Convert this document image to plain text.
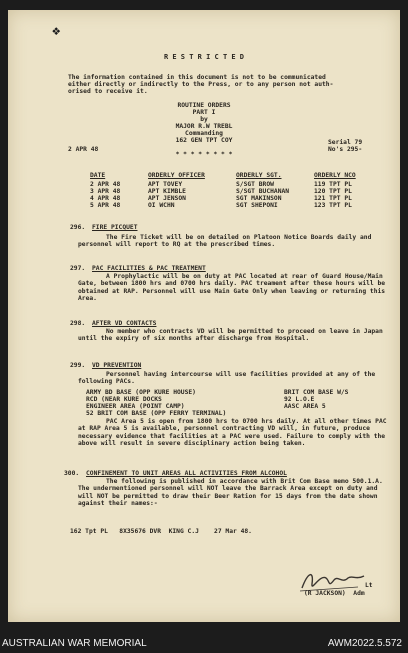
❖
R E S T R I C T E D
The information contained in this document is not to be communicated
either directly or indirectly to the Press, or to any person not auth-
orised to receive it.
ROUTINE ORDERS
PART I
by
MAJOR R.W TREBL
Commanding
162 GEN TPT COY
2 APR 48
Serial 79
No's 295-
* * * * * * * *
DATE	ORDERLY OFFICER	ORDERLY SGT.	ORDERLY NCO
2 APR 48	APT TOVEY	S/SGT BROW	119 TPT PL
3 APR 48	APT KIMBLE	S/SGT BUCHANAN	120 TPT PL
4 APR 48	APT JENSON	SGT MAKINSON	121 TPT PL
5 APR 48	OI WCHN	SGT SHEPONI	123 TPT PL
296. FIRE PICQUET
The Fire Ticket will be on detailed on Platoon Notice Boards daily and personnel will report to RQ at the prescribed times.
297. PAC FACILITIES & PAC TREATMENT
A Prophylactic will be on duty at PAC located at rear of Guard House/Main Gate, between 1800 hrs and 0700 hrs daily. PAC treament after these hours will be obtained at RAP. Personnel will use Main Gate Only when leaving or returning this Area.
298. AFTER VD CONTACTS
No member who contracts VD will be permitted to proceed on leave in Japan until the expiry of six months after discharge from Hospital.
299. VD PREVENTION
Personnel having intercourse will use facilities provided at any of the following PACs.
ARMY BD BASE (OPP KURE HOUSE)
RCD (NEAR KURE DOCKS
ENGINEER AREA (POINT CAMP)
52 BRIT COM BASE (OPP FERRY TERMINAL)
BRIT COM BASE W/S
92 L.O.E
AASC AREA 5
PAC Area 5 is open from 1800 hrs to 0700 hrs daily. At all other times PAC at RAP Area 5 is available, personnel contracting VD will, in future, produce necessary evidence that facilities at a PAC were used. Failure to comply with the above will result in severe disciplinary action being taken.
300. CONFINEMENT TO UNIT AREAS ALL ACTIVITIES FROM ALCOHOL
The following is published in accordance with Brit Com Base memo 500.1.A. The undermentioned personnel will NOT leave the Barrack Area except on duty and will NOT be permitted to draw their Beer Ration for 15 days from the date shown against their names:-
162 Tpt PL   8X35676 DVR  KING C.J    27 Mar 48.
Lt
(R JACKSON)  Adm
AUSTRALIAN WAR MEMORIAL	AWM2022.5.572
